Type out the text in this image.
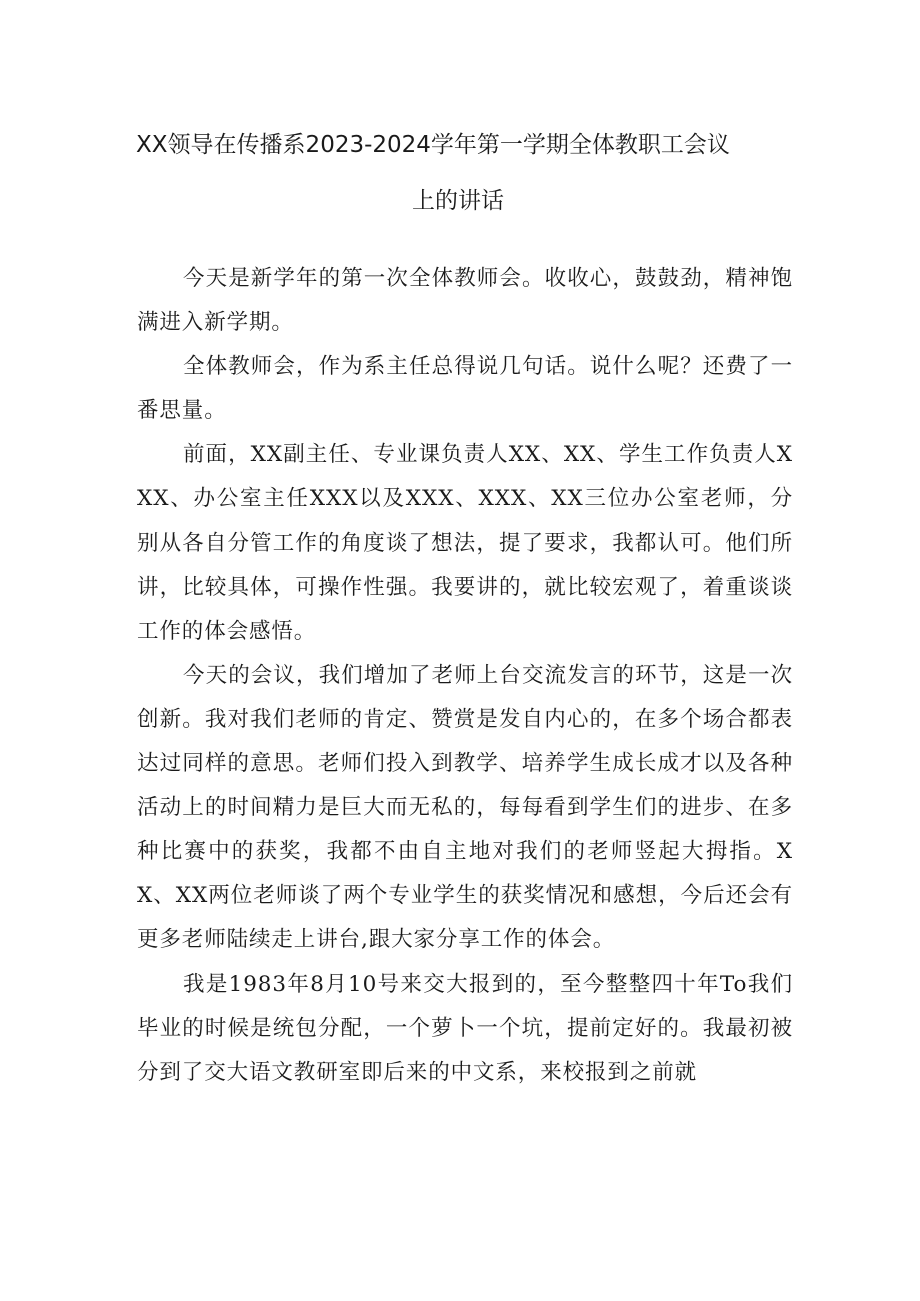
XX领导在传播系2023-2024学年第一学期全体教职工会议
上的讲话

今天是新学年的第一次全体教师会。收收心，鼓鼓劲，精神饱满进入新学期。

全体教师会，作为系主任总得说几句话。说什么呢？还费了一番思量。

前面，XX副主任、专业课负责人XX、XX、学生工作负责人XXX、办公室主任XXX以及XXX、XXX、XX三位办公室老师，分别从各自分管工作的角度谈了想法，提了要求，我都认可。他们所讲，比较具体，可操作性强。我要讲的，就比较宏观了，着重谈谈工作的体会感悟。

今天的会议，我们增加了老师上台交流发言的环节，这是一次创新。我对我们老师的肯定、赞赏是发自内心的，在多个场合都表达过同样的意思。老师们投入到教学、培养学生成长成才以及各种活动上的时间精力是巨大而无私的，每每看到学生们的进步、在多种比赛中的获奖，我都不由自主地对我们的老师竖起大拇指。XX、XX两位老师谈了两个专业学生的获奖情况和感想，今后还会有更多老师陆续走上讲台,跟大家分享工作的体会。

我是1983年8月10号来交大报到的，至今整整四十年To我们毕业的时候是统包分配，一个萝卜一个坑，提前定好的。我最初被分到了交大语文教研室即后来的中文系，来校报到之前就
